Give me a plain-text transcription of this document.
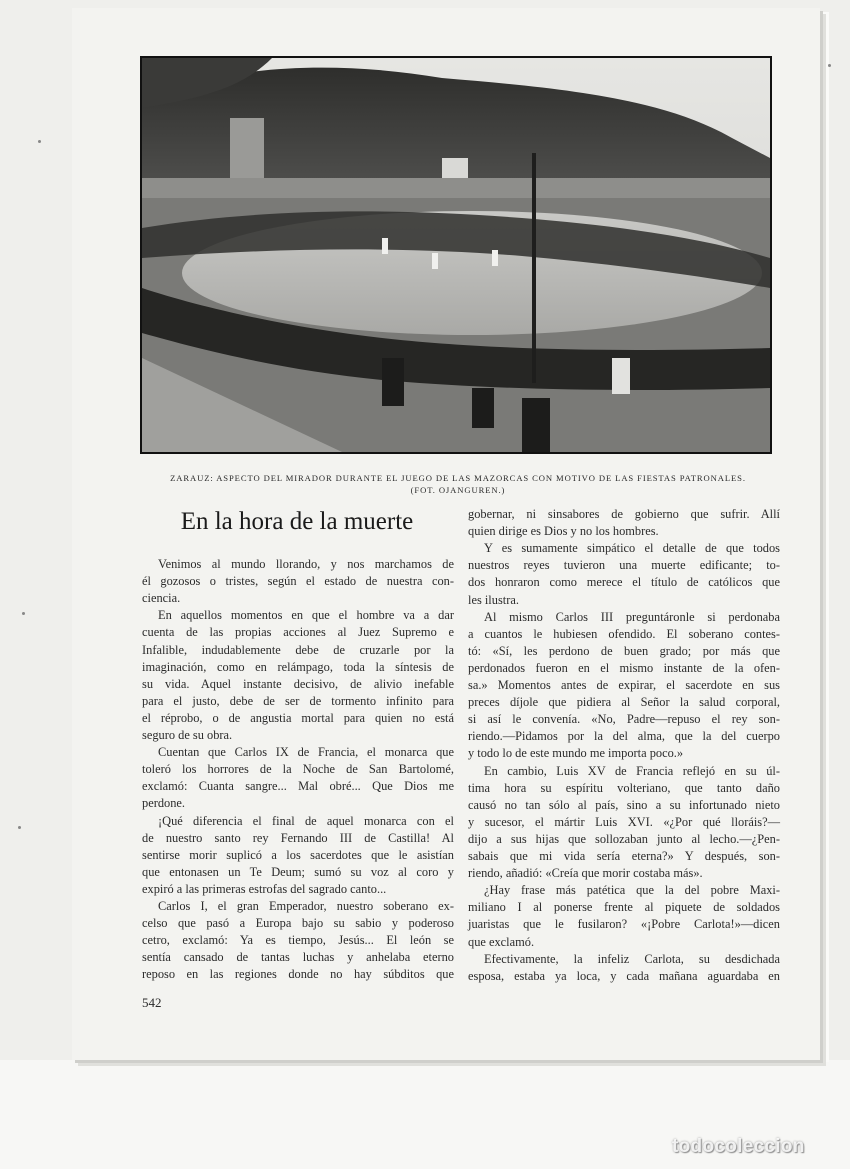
ZARAUZ: ASPECTO DEL MIRADOR DURANTE EL JUEGO DE LAS MAZORCAS CON MOTIVO DE LAS FIESTAS PATRONALES.
(FOT. OJANGUREN.)
En la hora de la muerte
Venimos al mundo llorando, y nos marchamos de
él gozosos o tristes, según el estado de nuestra con-
ciencia.
En aquellos momentos en que el hombre va a dar
cuenta de las propias acciones al Juez Supremo e
Infalible, indudablemente debe de cruzarle por la
imaginación, como en relámpago, toda la síntesis de
su vida. Aquel instante decisivo, de alivio inefable
para el justo, debe de ser de tormento infinito para
el réprobo, o de angustia mortal para quien no está
seguro de su obra.
Cuentan que Carlos IX de Francia, el monarca que
toleró los horrores de la Noche de San Bartolomé,
exclamó: Cuanta sangre... Mal obré... Que Dios me
perdone.
¡Qué diferencia el final de aquel monarca con el
de nuestro santo rey Fernando III de Castilla! Al
sentirse morir suplicó a los sacerdotes que le asistían
que entonasen un Te Deum; sumó su voz al coro y
expiró a las primeras estrofas del sagrado canto...
Carlos I, el gran Emperador, nuestro soberano ex-
celso que pasó a Europa bajo su sabio y poderoso
cetro, exclamó: Ya es tiempo, Jesús... El león se
sentía cansado de tantas luchas y anhelaba eterno
reposo en las regiones donde no hay súbditos que
gobernar, ni sinsabores de gobierno que sufrir. Allí
quien dirige es Dios y no los hombres.
Y es sumamente simpático el detalle de que todos
nuestros reyes tuvieron una muerte edificante; to-
dos honraron como merece el título de católicos que
les ilustra.
Al mismo Carlos III preguntáronle si perdonaba
a cuantos le hubiesen ofendido. El soberano contes-
tó: «Sí, les perdono de buen grado; por más que
perdonados fueron en el mismo instante de la ofen-
sa.» Momentos antes de expirar, el sacerdote en sus
preces díjole que pidiera al Señor la salud corporal,
si así le convenía. «No, Padre—repuso el rey son-
riendo.—Pidamos por la del alma, que la del cuerpo
y todo lo de este mundo me importa poco.»
En cambio, Luis XV de Francia reflejó en su úl-
tima hora su espíritu volteriano, que tanto daño
causó no tan sólo al país, sino a su infortunado nieto
y sucesor, el mártir Luis XVI. «¿Por qué lloráis?—
dijo a sus hijas que sollozaban junto al lecho.—¿Pen-
sabais que mi vida sería eterna?» Y después, son-
riendo, añadió: «Creía que morir costaba más».
¿Hay frase más patética que la del pobre Maxi-
miliano I al ponerse frente al piquete de soldados
juaristas que le fusilaron? «¡Pobre Carlota!»—dicen
que exclamó.
Efectivamente, la infeliz Carlota, su desdichada
esposa, estaba ya loca, y cada mañana aguardaba en
542
todocoleccion
